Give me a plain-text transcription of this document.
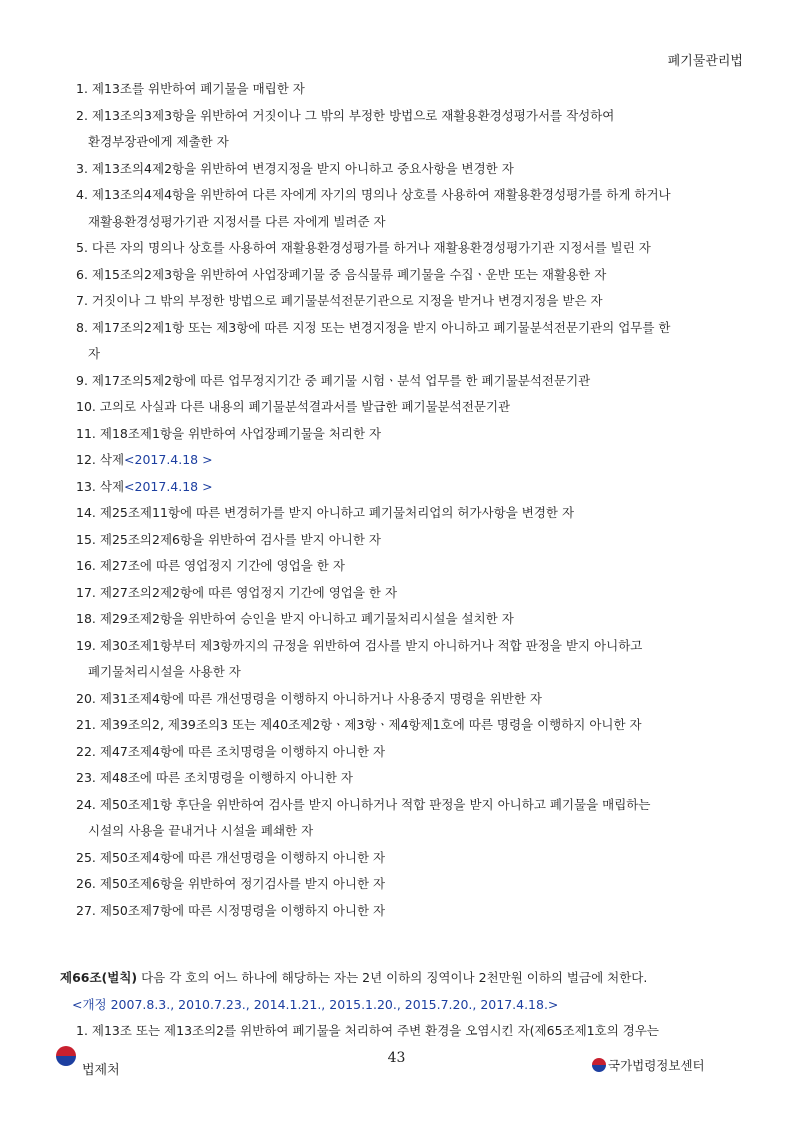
폐기물관리법
1. 제13조를 위반하여 폐기물을 매립한 자
2. 제13조의3제3항을 위반하여 거짓이나 그 밖의 부정한 방법으로 재활용환경성평가서를 작성하여
환경부장관에게 제출한 자
3. 제13조의4제2항을 위반하여 변경지정을 받지 아니하고 중요사항을 변경한 자
4. 제13조의4제4항을 위반하여 다른 자에게 자기의 명의나 상호를 사용하여 재활용환경성평가를 하게 하거나
재활용환경성평가기관 지정서를 다른 자에게 빌려준 자
5. 다른 자의 명의나 상호를 사용하여 재활용환경성평가를 하거나 재활용환경성평가기관 지정서를 빌린 자
6. 제15조의2제3항을 위반하여 사업장폐기물 중 음식물류 폐기물을 수집ㆍ운반 또는 재활용한 자
7. 거짓이나 그 밖의 부정한 방법으로 폐기물분석전문기관으로 지정을 받거나 변경지정을 받은 자
8. 제17조의2제1항 또는 제3항에 따른 지정 또는 변경지정을 받지 아니하고 폐기물분석전문기관의 업무를 한
자
9. 제17조의5제2항에 따른 업무정지기간 중 폐기물 시험ㆍ분석 업무를 한 폐기물분석전문기관
10. 고의로 사실과 다른 내용의 폐기물분석결과서를 발급한 폐기물분석전문기관
11. 제18조제1항을 위반하여 사업장폐기물을 처리한 자
12. 삭제<2017.4.18 >
13. 삭제<2017.4.18 >
14. 제25조제11항에 따른 변경허가를 받지 아니하고 폐기물처리업의 허가사항을 변경한 자
15. 제25조의2제6항을 위반하여 검사를 받지 아니한 자
16. 제27조에 따른 영업정지 기간에 영업을 한 자
17. 제27조의2제2항에 따른 영업정지 기간에 영업을 한 자
18. 제29조제2항을 위반하여 승인을 받지 아니하고 폐기물처리시설을 설치한 자
19. 제30조제1항부터 제3항까지의 규정을 위반하여 검사를 받지 아니하거나 적합 판정을 받지 아니하고
폐기물처리시설을 사용한 자
20. 제31조제4항에 따른 개선명령을 이행하지 아니하거나 사용중지 명령을 위반한 자
21. 제39조의2, 제39조의3 또는 제40조제2항ㆍ제3항ㆍ제4항제1호에 따른 명령을 이행하지 아니한 자
22. 제47조제4항에 따른 조치명령을 이행하지 아니한 자
23. 제48조에 따른 조치명령을 이행하지 아니한 자
24. 제50조제1항 후단을 위반하여 검사를 받지 아니하거나 적합 판정을 받지 아니하고 폐기물을 매립하는
시설의 사용을 끝내거나 시설을 폐쇄한 자
25. 제50조제4항에 따른 개선명령을 이행하지 아니한 자
26. 제50조제6항을 위반하여 정기검사를 받지 아니한 자
27. 제50조제7항에 따른 시정명령을 이행하지 아니한 자
제66조(벌칙) 다음 각 호의 어느 하나에 해당하는 자는 2년 이하의 징역이나 2천만원 이하의 벌금에 처한다.
<개정 2007.8.3., 2010.7.23., 2014.1.21., 2015.1.20., 2015.7.20., 2017.4.18.>
1. 제13조 또는 제13조의2를 위반하여 폐기물을 처리하여 주변 환경을 오염시킨 자(제65조제1호의 경우는
법제처
43	국가법령정보센터
